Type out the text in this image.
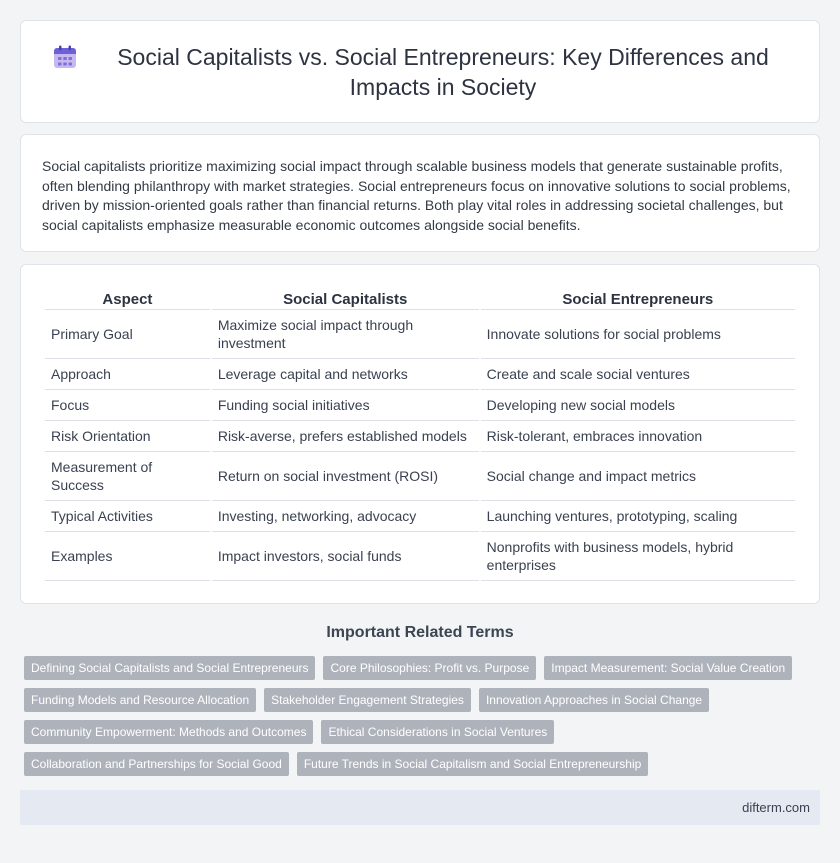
Social Capitalists vs. Social Entrepreneurs: Key Differences and Impacts in Society

Social capitalists prioritize maximizing social impact through scalable business models that generate sustainable profits, often blending philanthropy with market strategies. Social entrepreneurs focus on innovative solutions to social problems, driven by mission-oriented goals rather than financial returns. Both play vital roles in addressing societal challenges, but social capitalists emphasize measurable economic outcomes alongside social benefits.

Aspect	Social Capitalists	Social Entrepreneurs
Primary Goal	Maximize social impact through investment	Innovate solutions for social problems
Approach	Leverage capital and networks	Create and scale social ventures
Focus	Funding social initiatives	Developing new social models
Risk Orientation	Risk-averse, prefers established models	Risk-tolerant, embraces innovation
Measurement of Success	Return on social investment (ROSI)	Social change and impact metrics
Typical Activities	Investing, networking, advocacy	Launching ventures, prototyping, scaling
Examples	Impact investors, social funds	Nonprofits with business models, hybrid enterprises
Important Related Terms
Defining Social Capitalists and Social Entrepreneurs	Core Philosophies: Profit vs. Purpose	Impact Measurement: Social Value Creation
Funding Models and Resource Allocation	Stakeholder Engagement Strategies	Innovation Approaches in Social Change
Community Empowerment: Methods and Outcomes	Ethical Considerations in Social Ventures
Collaboration and Partnerships for Social Good	Future Trends in Social Capitalism and Social Entrepreneurship
difterm.com
